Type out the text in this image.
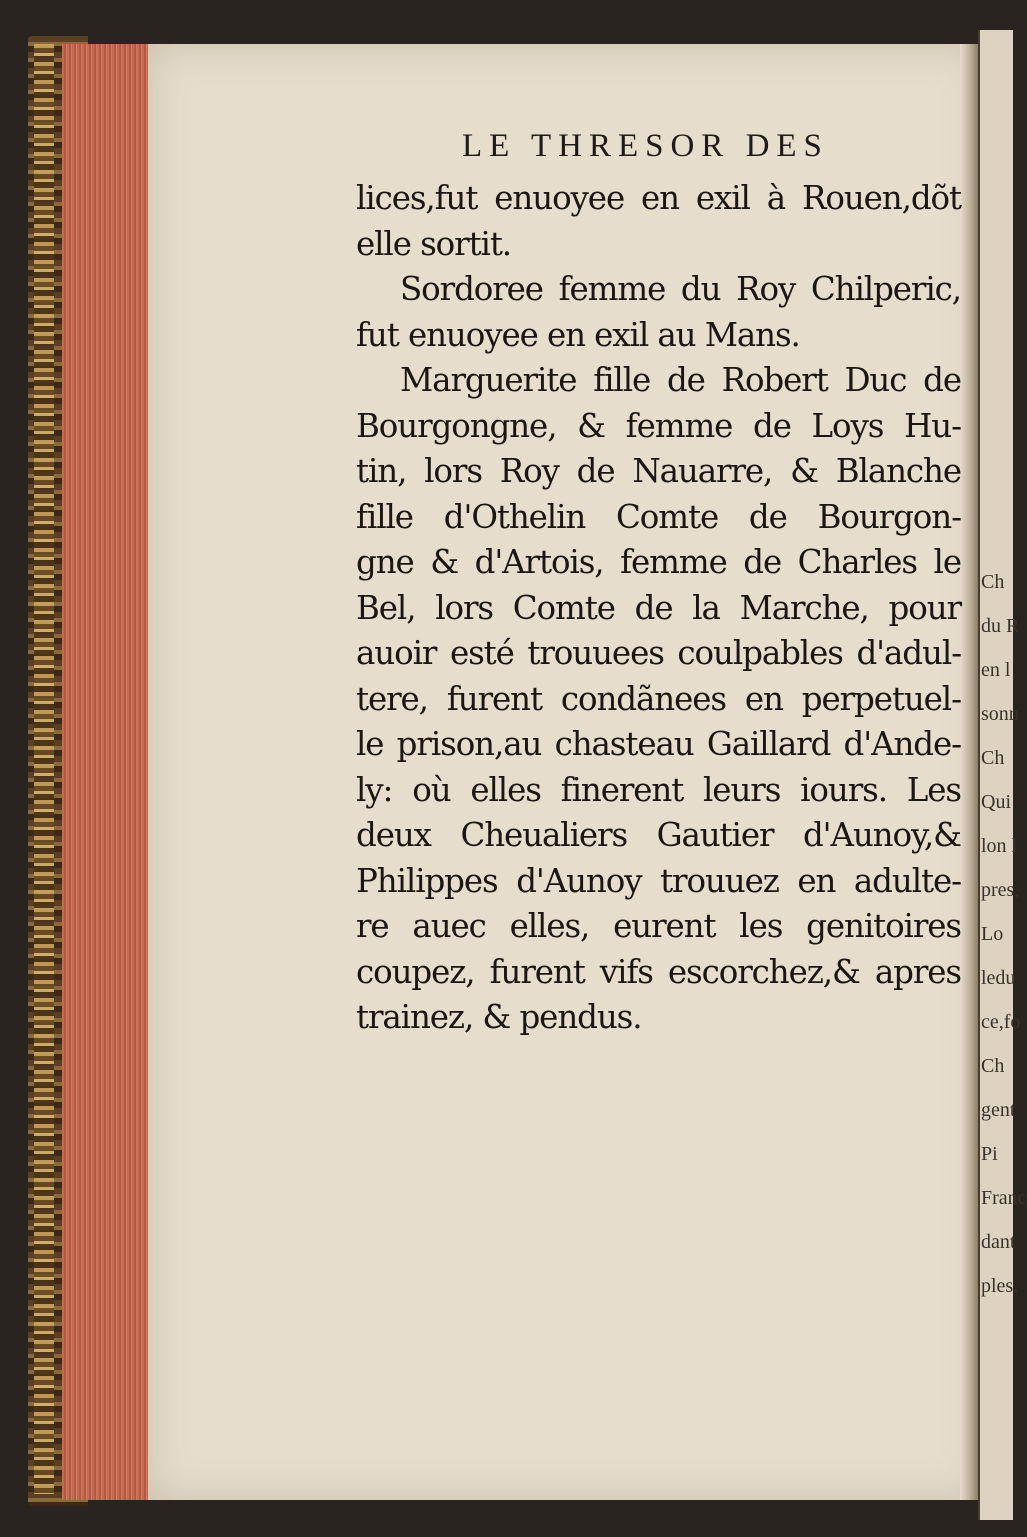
Ch
du R
en l
sonn
Ch
Qui
lon l
pres,
Lo
ledu
ce,fo
Ch
gent
Pi
Franc
dant
ples.

LE THRESOR DES
lices,fut enuoyee en exil à Rouen,dõt
elle sortit.
Sordoree femme du Roy Chilperic,
fut enuoyee en exil au Mans.
Marguerite fille de Robert Duc de
Bourgongne, & femme de Loys Hu-
tin, lors Roy de Nauarre, & Blanche
fille d'Othelin Comte de Bourgon-
gne & d'Artois, femme de Charles le
Bel, lors Comte de la Marche, pour
auoir esté trouuees coulpables d'adul-
tere, furent condãnees en perpetuel-
le prison,au chasteau Gaillard d'Ande-
ly: où elles finerent leurs iours. Les
deux Cheualiers Gautier d'Aunoy,&
Philippes d'Aunoy trouuez en adulte-
re auec elles, eurent les genitoires
coupez, furent vifs escorchez,& apres
trainez, & pendus.
